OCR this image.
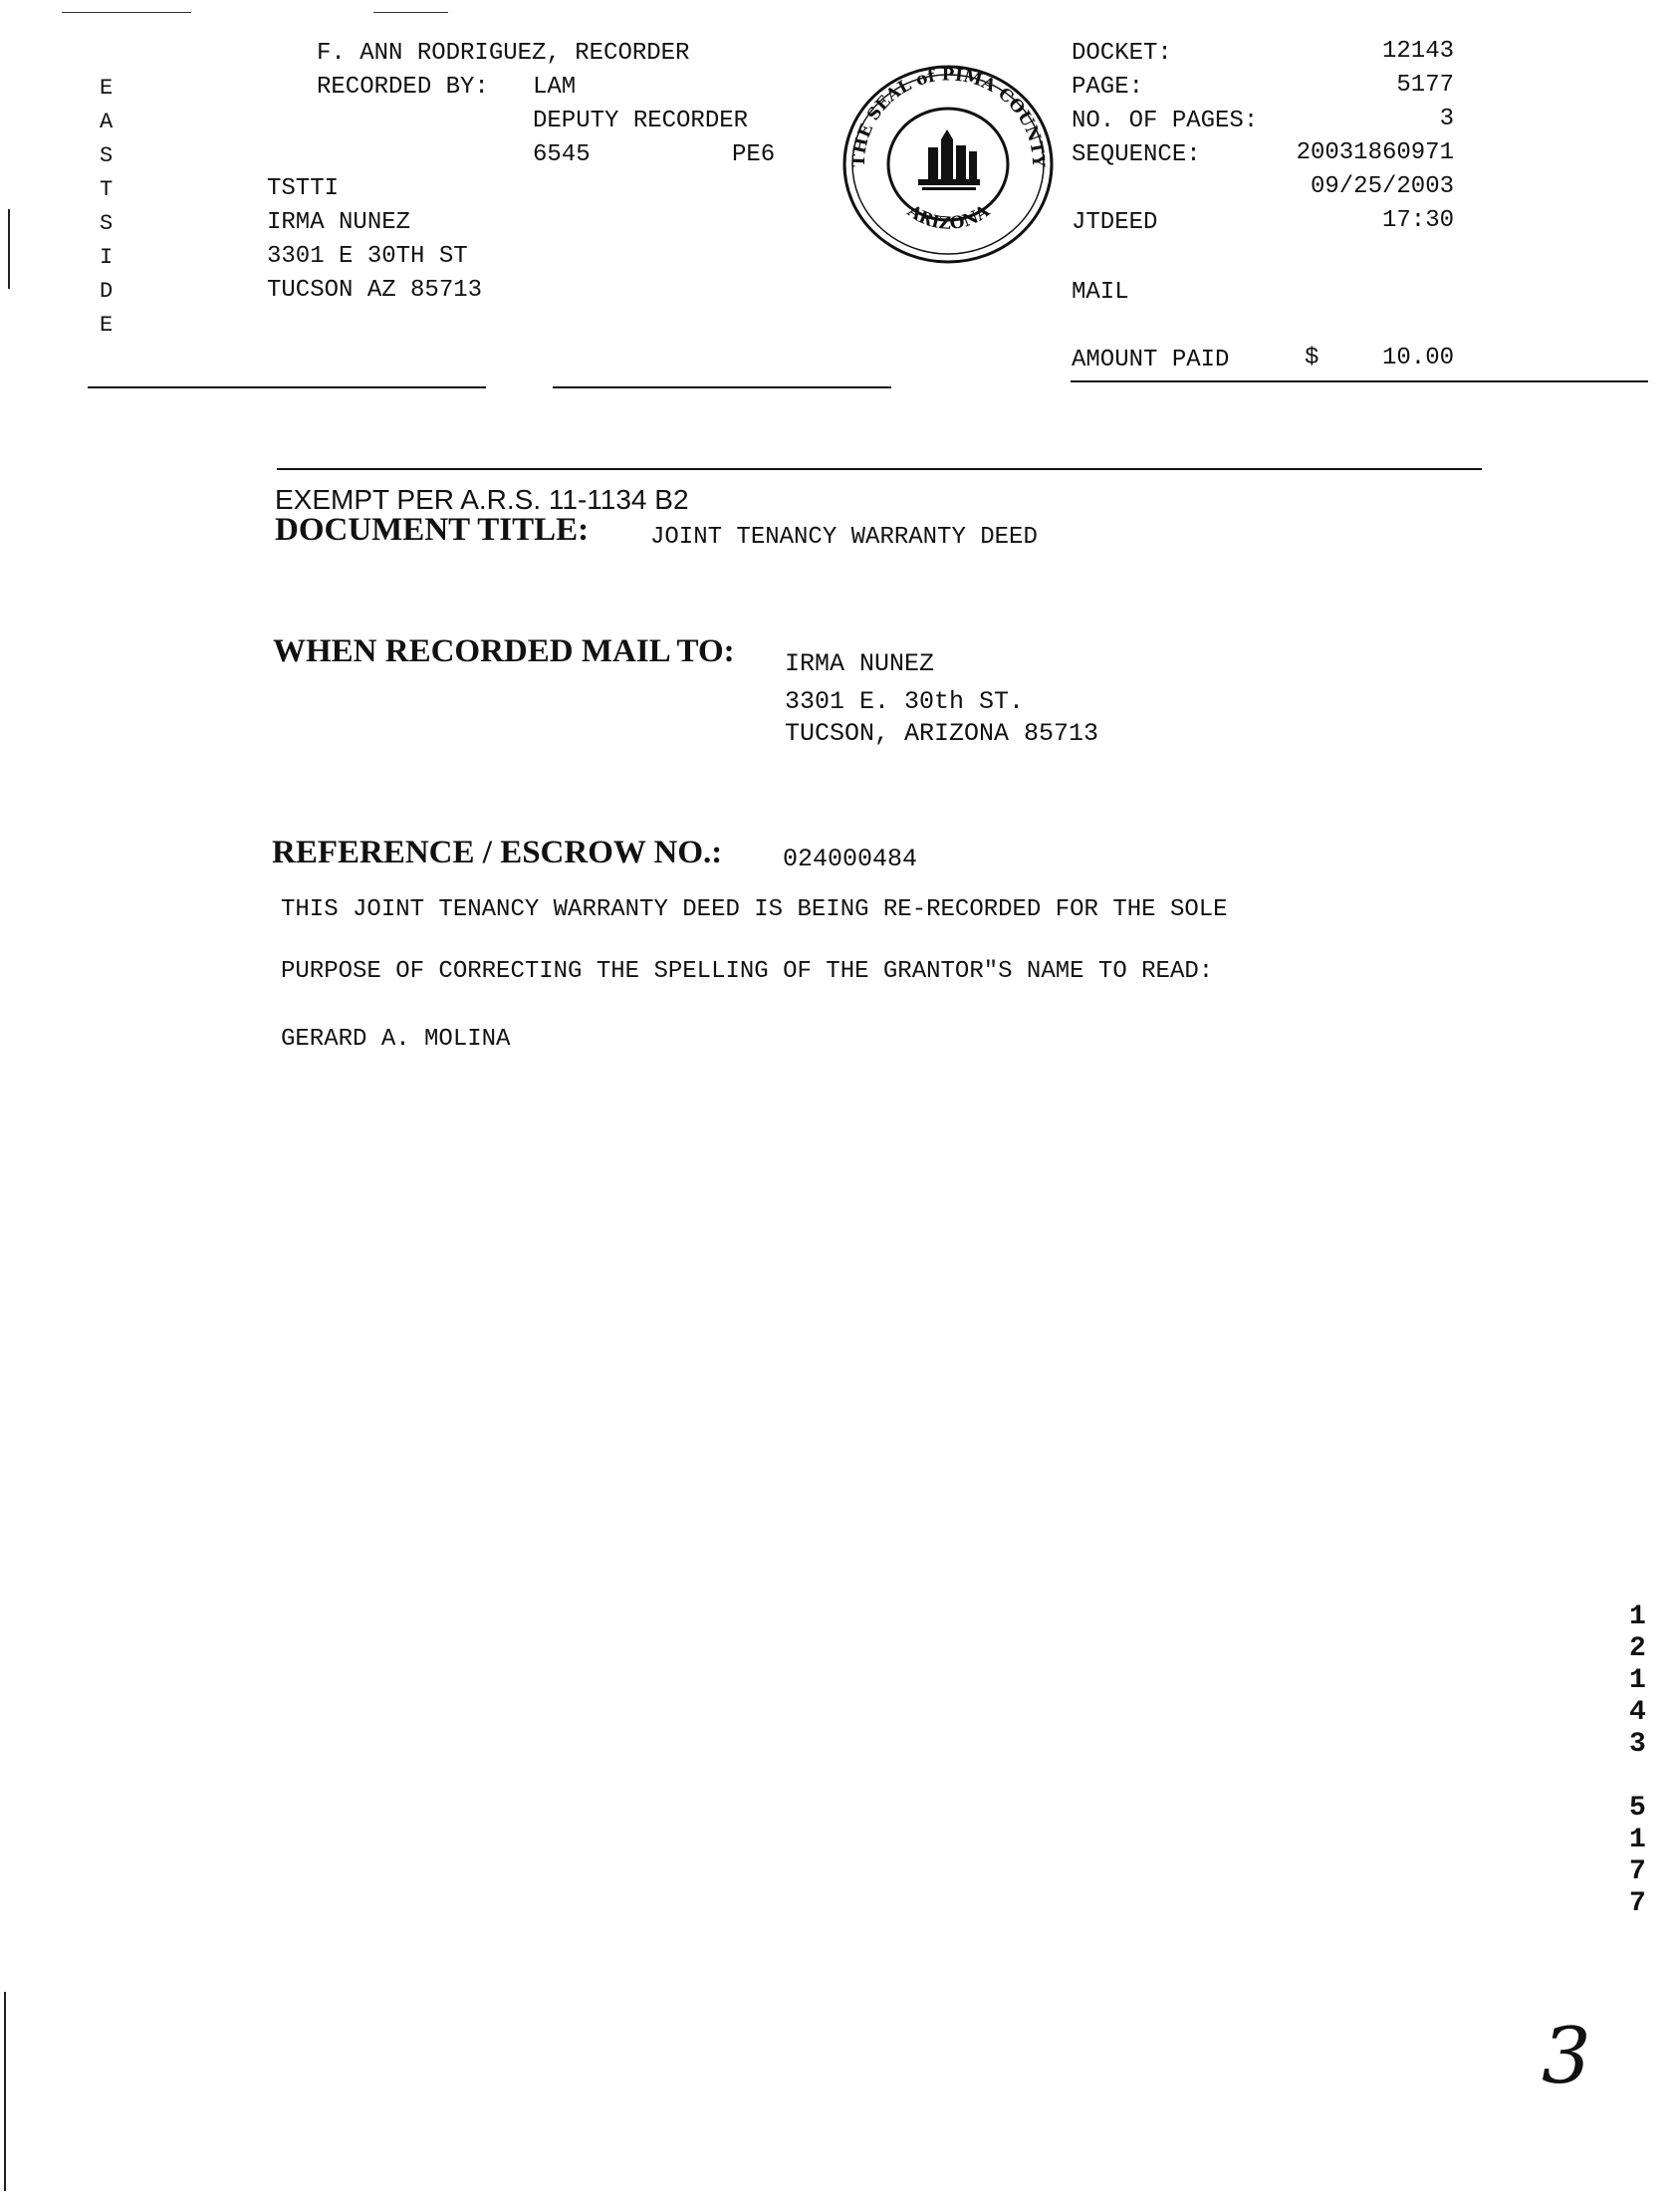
F. ANN RODRIGUEZ, RECORDER
RECORDED BY: LAM
DEPUTY RECORDER
6545	PE6
E
A
S
T
S
I
D
E
TSTTI
IRMA NUNEZ
3301 E 30TH ST
TUCSON AZ 85713
THE SEAL of PIMA COUNTY
ARIZONA
DOCKET:	12143
PAGE:	5177
NO. OF PAGES:	3
SEQUENCE:	20031860971
09/25/2003
JTDEED	17:30
MAIL
AMOUNT PAID	$	10.00
EXEMPT PER A.R.S. 11-1134 B2
DOCUMENT TITLE:	JOINT TENANCY WARRANTY DEED
WHEN RECORDED MAIL TO: IRMA NUNEZ
3301 E. 30th ST.
TUCSON, ARIZONA 85713
REFERENCE / ESCROW NO.: 024000484
THIS JOINT TENANCY WARRANTY DEED IS BEING RE-RECORDED FOR THE SOLE
PURPOSE OF CORRECTING THE SPELLING OF THE GRANTOR"S NAME TO READ:
GERARD A. MOLINA
1
2
1
4
3
5
1
7
7
3
